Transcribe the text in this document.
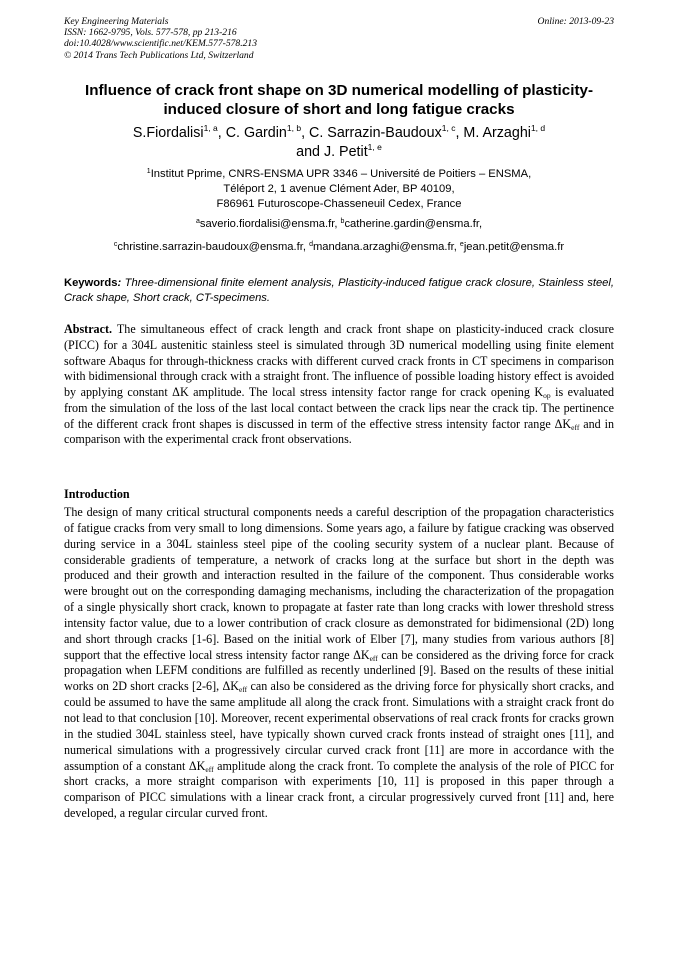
Key Engineering Materials
ISSN: 1662-9795, Vols. 577-578, pp 213-216
doi:10.4028/www.scientific.net/KEM.577-578.213
© 2014 Trans Tech Publications Ltd, Switzerland
Online: 2013-09-23
Influence of crack front shape on 3D numerical modelling of plasticity-induced closure of short and long fatigue cracks
S.Fiordalisi$^{1, a}$, C. Gardin$^{1, b}$, C. Sarrazin-Baudoux$^{1, c}$, M. Arzaghi$^{1, d}$
and J. Petit$^{1, e}$
$^1$Institut Pprime, CNRS-ENSMA UPR 3346 – Université de Poitiers – ENSMA,
Téléport 2, 1 avenue Clément Ader, BP 40109,
F86961 Futuroscope-Chasseneuil Cedex, France
$^a$saverio.fiordalisi@ensma.fr, $^b$catherine.gardin@ensma.fr,
$^c$christine.sarrazin-baudoux@ensma.fr, $^d$mandana.arzaghi@ensma.fr, $^e$jean.petit@ensma.fr
Keywords: Three-dimensional finite element analysis, Plasticity-induced fatigue crack closure, Stainless steel, Crack shape, Short crack, CT-specimens.
Abstract. The simultaneous effect of crack length and crack front shape on plasticity-induced crack closure (PICC) for a 304L austenitic stainless steel is simulated through 3D numerical modelling using finite element software Abaqus for through-thickness cracks with different curved crack fronts in CT specimens in comparison with bidimensional through crack with a straight front. The influence of possible loading history effect is avoided by applying constant ΔK amplitude. The local stress intensity factor range for crack opening $K_{op}$ is evaluated from the simulation of the loss of the last local contact between the crack lips near the crack tip. The pertinence of the different crack front shapes is discussed in term of the effective stress intensity factor range $\Delta K_{eff}$ and in comparison with the experimental crack front observations.
Introduction
The design of many critical structural components needs a careful description of the propagation characteristics of fatigue cracks from very small to long dimensions. Some years ago, a failure by fatigue cracking was observed during service in a 304L stainless steel pipe of the cooling security system of a nuclear plant. Because of considerable gradients of temperature, a network of cracks long at the surface but short in the depth was produced and their growth and interaction resulted in the failure of the component. Thus considerable works were brought out on the corresponding damaging mechanisms, including the characterization of the propagation of a single physically short crack, known to propagate at faster rate than long cracks with lower threshold stress intensity factor value, due to a lower contribution of crack closure as demonstrated for bidimensional (2D) long and short through cracks [1-6]. Based on the initial work of Elber [7], many studies from various authors [8] support that the effective local stress intensity factor range $\Delta K_{eff}$ can be considered as the driving force for crack propagation when LEFM conditions are fulfilled as recently underlined [9]. Based on the results of these initial works on 2D short cracks [2-6], $\Delta K_{eff}$ can also be considered as the driving force for physically short cracks, and could be assumed to have the same amplitude all along the crack front. Simulations with a straight crack front do not lead to that conclusion [10]. Moreover, recent experimental observations of real crack fronts for cracks grown in the studied 304L stainless steel, have typically shown curved crack fronts instead of straight ones [11], and numerical simulations with a progressively circular curved crack front [11] are more in accordance with the assumption of a constant $\Delta K_{eff}$ amplitude along the crack front. To complete the analysis of the role of PICC for short cracks, a more straight comparison with experiments [10, 11] is proposed in this paper through a comparison of PICC simulations with a linear crack front, a circular progressively curved front [11] and, here developed, a regular circular curved front.
